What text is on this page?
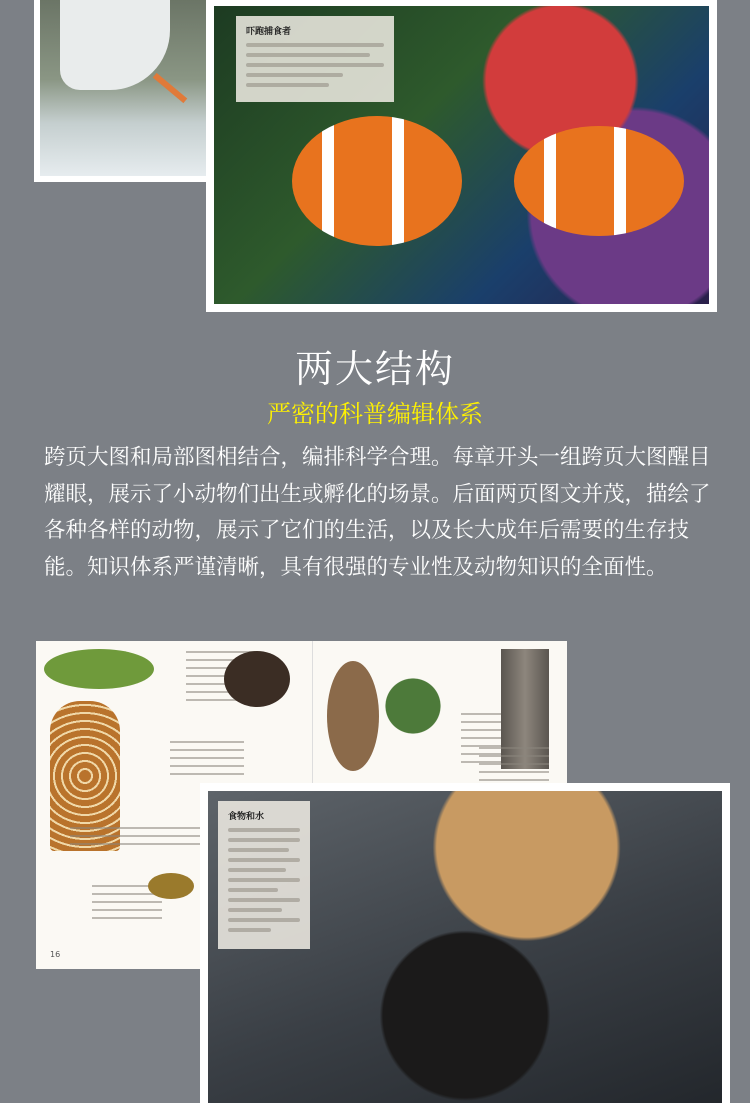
吓跑捕食者
两大结构
严密的科普编辑体系
跨页大图和局部图相结合，编排科学合理。每章开头一组跨页大图醒目耀眼，展示了小动物们出生或孵化的场景。后面两页图文并茂，描绘了各种各样的动物，展示了它们的生活，以及长大成年后需要的生存技能。知识体系严谨清晰，具有很强的专业性及动物知识的全面性。
16
食物和水
